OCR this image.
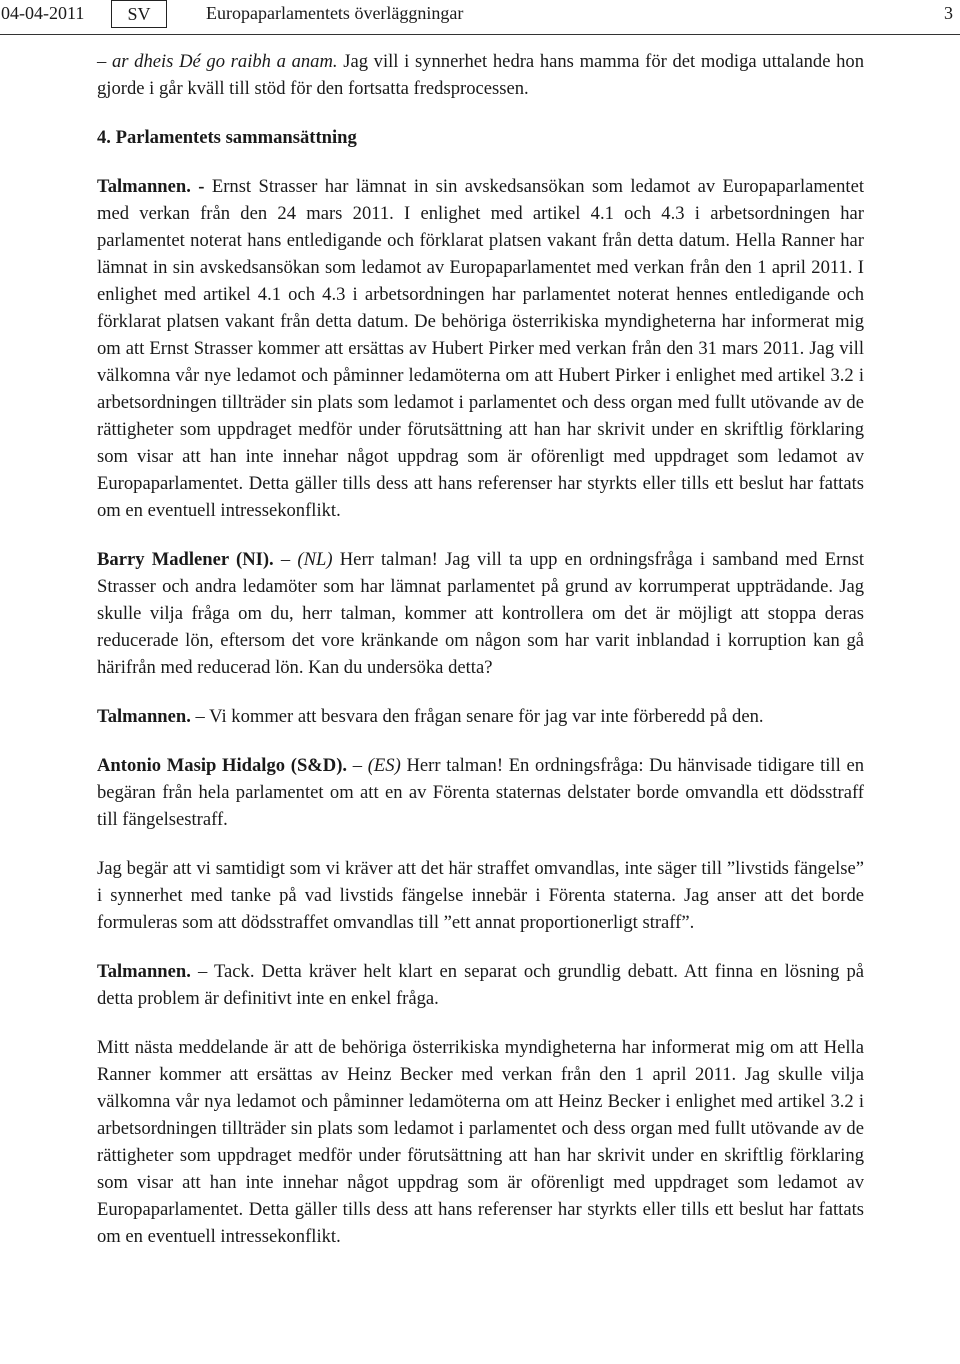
04-04-2011	SV	Europaparlamentets överläggningar	3

– ar dheis Dé go raibh a anam. Jag vill i synnerhet hedra hans mamma för det modiga uttalande hon gjorde i går kväll till stöd för den fortsatta fredsprocessen.

4. Parlamentets sammansättning

Talmannen. - Ernst Strasser har lämnat in sin avskedsansökan som ledamot av Europaparlamentet med verkan från den 24 mars 2011. I enlighet med artikel 4.1 och 4.3 i arbetsordningen har parlamentet noterat hans entledigande och förklarat platsen vakant från detta datum. Hella Ranner har lämnat in sin avskedsansökan som ledamot av Europaparlamentet med verkan från den 1 april 2011. I enlighet med artikel 4.1 och 4.3 i arbetsordningen har parlamentet noterat hennes entledigande och förklarat platsen vakant från detta datum. De behöriga österrikiska myndigheterna har informerat mig om att Ernst Strasser kommer att ersättas av Hubert Pirker med verkan från den 31 mars 2011. Jag vill välkomna vår nye ledamot och påminner ledamöterna om att Hubert Pirker i enlighet med artikel 3.2 i arbetsordningen tillträder sin plats som ledamot i parlamentet och dess organ med fullt utövande av de rättigheter som uppdraget medför under förutsättning att han har skrivit under en skriftlig förklaring som visar att han inte innehar något uppdrag som är oförenligt med uppdraget som ledamot av Europaparlamentet. Detta gäller tills dess att hans referenser har styrkts eller tills ett beslut har fattats om en eventuell intressekonflikt.

Barry Madlener (NI). – (NL) Herr talman! Jag vill ta upp en ordningsfråga i samband med Ernst Strasser och andra ledamöter som har lämnat parlamentet på grund av korrumperat uppträdande. Jag skulle vilja fråga om du, herr talman, kommer att kontrollera om det är möjligt att stoppa deras reducerade lön, eftersom det vore kränkande om någon som har varit inblandad i korruption kan gå härifrån med reducerad lön. Kan du undersöka detta?

Talmannen. – Vi kommer att besvara den frågan senare för jag var inte förberedd på den.

Antonio Masip Hidalgo (S&D). – (ES) Herr talman! En ordningsfråga: Du hänvisade tidigare till en begäran från hela parlamentet om att en av Förenta staternas delstater borde omvandla ett dödsstraff till fängelsestraff.

Jag begär att vi samtidigt som vi kräver att det här straffet omvandlas, inte säger till ”livstids fängelse” i synnerhet med tanke på vad livstids fängelse innebär i Förenta staterna. Jag anser att det borde formuleras som att dödsstraffet omvandlas till ”ett annat proportionerligt straff”.

Talmannen. – Tack. Detta kräver helt klart en separat och grundlig debatt. Att finna en lösning på detta problem är definitivt inte en enkel fråga.

Mitt nästa meddelande är att de behöriga österrikiska myndigheterna har informerat mig om att Hella Ranner kommer att ersättas av Heinz Becker med verkan från den 1 april 2011. Jag skulle vilja välkomna vår nya ledamot och påminner ledamöterna om att Heinz Becker i enlighet med artikel 3.2 i arbetsordningen tillträder sin plats som ledamot i parlamentet och dess organ med fullt utövande av de rättigheter som uppdraget medför under förutsättning att han har skrivit under en skriftlig förklaring som visar att han inte innehar något uppdrag som är oförenligt med uppdraget som ledamot av Europaparlamentet. Detta gäller tills dess att hans referenser har styrkts eller tills ett beslut har fattats om en eventuell intressekonflikt.
